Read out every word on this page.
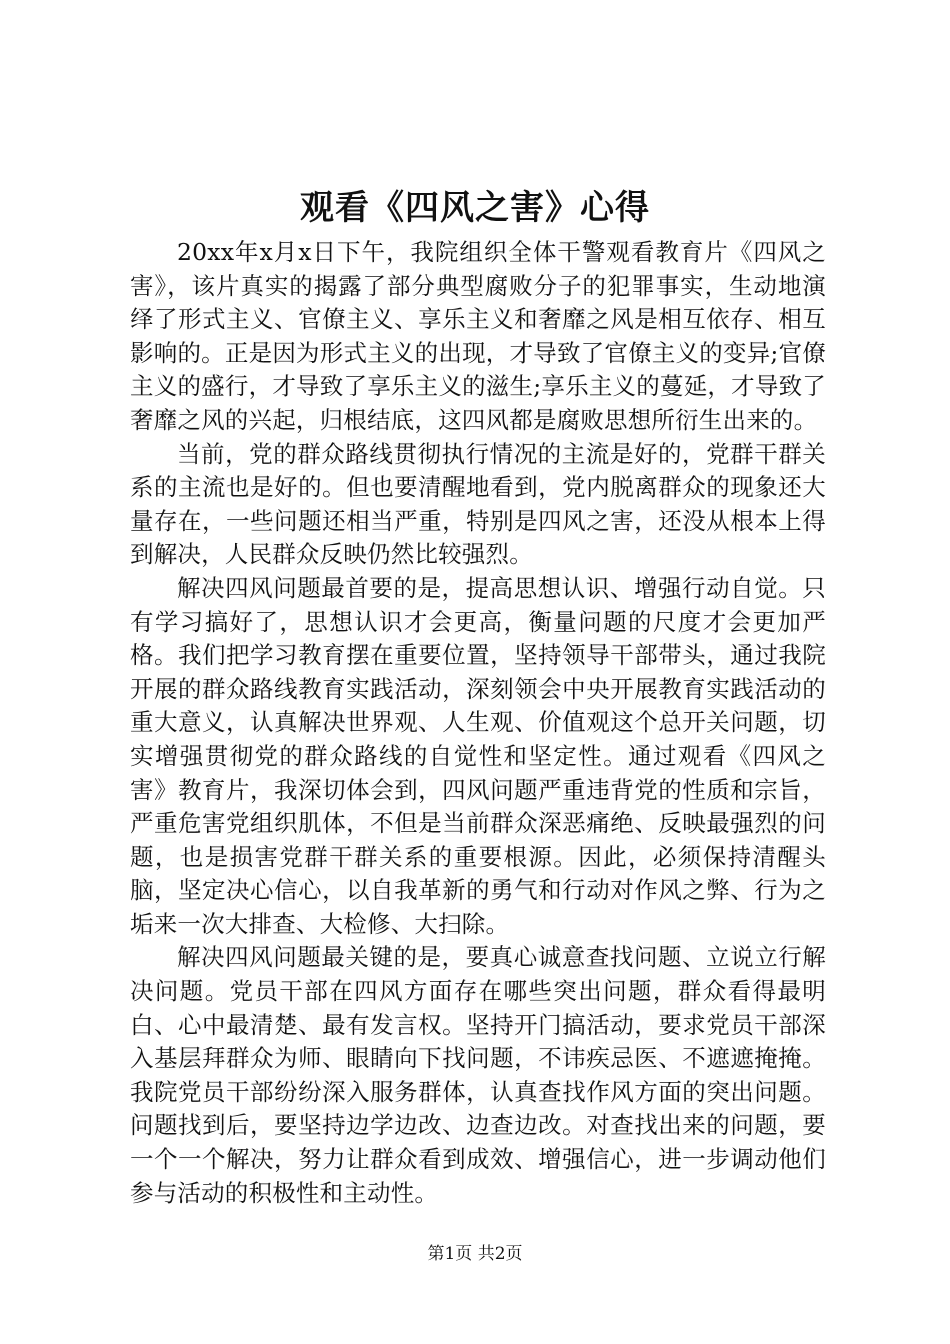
观看《四风之害》心得

20xx年x月x日下午，我院组织全体干警观看教育片《四风之害》，该片真实的揭露了部分典型腐败分子的犯罪事实，生动地演绎了形式主义、官僚主义、享乐主义和奢靡之风是相互依存、相互影响的。正是因为形式主义的出现，才导致了官僚主义的变异;官僚主义的盛行，才导致了享乐主义的滋生;享乐主义的蔓延，才导致了奢靡之风的兴起，归根结底，这四风都是腐败思想所衍生出来的。

当前，党的群众路线贯彻执行情况的主流是好的，党群干群关系的主流也是好的。但也要清醒地看到，党内脱离群众的现象还大量存在，一些问题还相当严重，特别是四风之害，还没从根本上得到解决，人民群众反映仍然比较强烈。

解决四风问题最首要的是，提高思想认识、增强行动自觉。只有学习搞好了，思想认识才会更高，衡量问题的尺度才会更加严格。我们把学习教育摆在重要位置，坚持领导干部带头，通过我院开展的群众路线教育实践活动，深刻领会中央开展教育实践活动的重大意义，认真解决世界观、人生观、价值观这个总开关问题，切实增强贯彻党的群众路线的自觉性和坚定性。通过观看《四风之害》教育片，我深切体会到，四风问题严重违背党的性质和宗旨，严重危害党组织肌体，不但是当前群众深恶痛绝、反映最强烈的问题，也是损害党群干群关系的重要根源。因此，必须保持清醒头脑，坚定决心信心，以自我革新的勇气和行动对作风之弊、行为之垢来一次大排查、大检修、大扫除。

解决四风问题最关键的是，要真心诚意查找问题、立说立行解决问题。党员干部在四风方面存在哪些突出问题，群众看得最明白、心中最清楚、最有发言权。坚持开门搞活动，要求党员干部深入基层拜群众为师、眼睛向下找问题，不讳疾忌医、不遮遮掩掩。我院党员干部纷纷深入服务群体，认真查找作风方面的突出问题。问题找到后，要坚持边学边改、边查边改。对查找出来的问题，要一个一个解决，努力让群众看到成效、增强信心，进一步调动他们参与活动的积极性和主动性。

第1页 共2页
